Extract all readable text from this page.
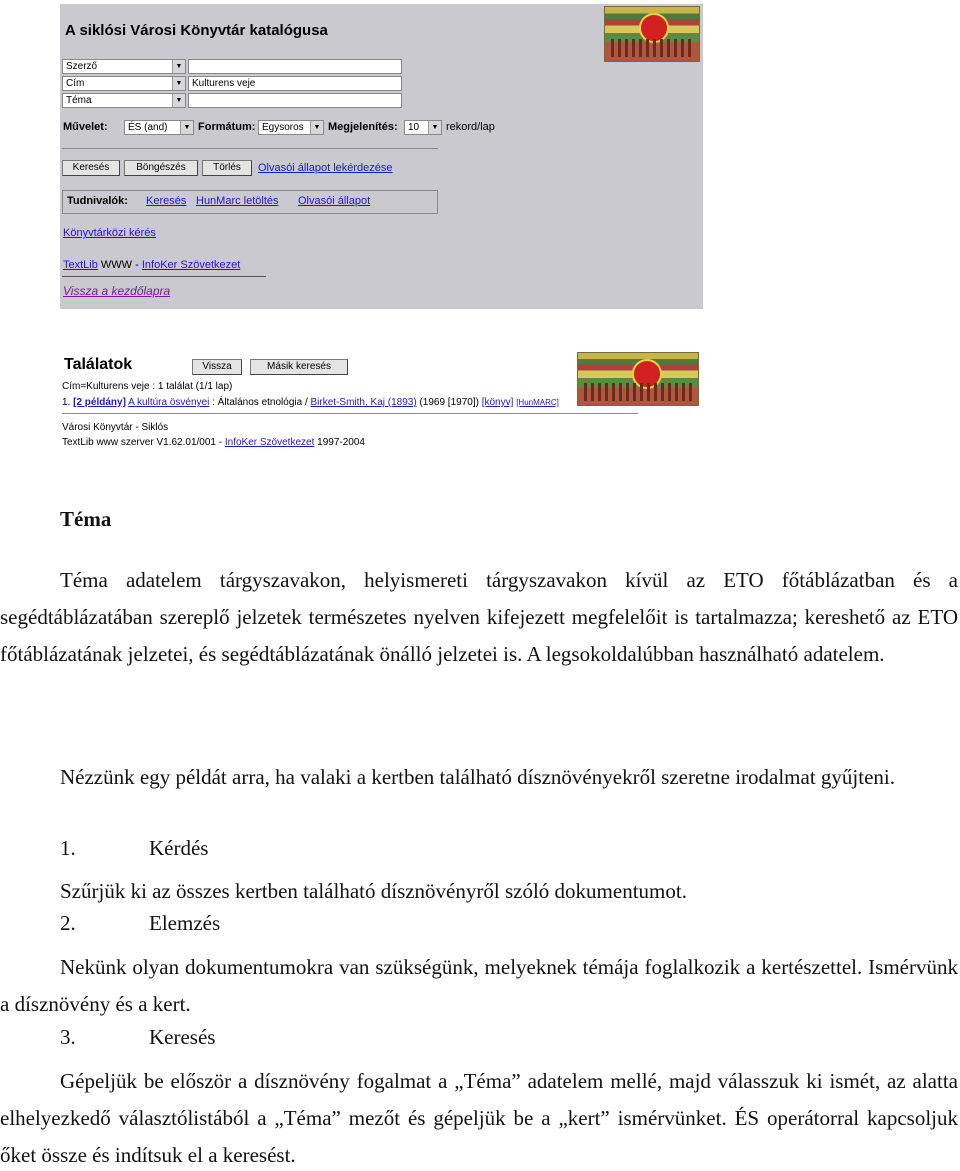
A siklósi Városi Könyvtár katalógusa
Szerző	▼
Cím	▼ Kulturens veje
Téma	▼
Művelet:	ÉS (and)	▼ Formátum: Egysoros	▼ Megjelenítés:	10	▼ rekord/lap
Keresés	Böngészés	Törlés	Olvasói állapot lekérdezése
Tudnivalók: Keresés HunMarc letöltés Olvasói állapot
Könyvtárközi kérés
TextLib WWW - InfoKer Szövetkezet
Vissza a kezdőlapra
Találatok	Vissza	Másik keresés
Cím=Kulturens veje : 1 találat (1/1 lap)
1. [2 példány] A kultúra ösvényei : Általános etnológia / Birket-Smith, Kaj (1893) (1969 [1970]) [könyv] [HunMARC]
Városi Könyvtár - Siklós
TextLib www szerver V1.62.01/001 - InfoKer Szövetkezet 1997-2004
Téma
Téma adatelem tárgyszavakon, helyismereti tárgyszavakon kívül az ETO főtáblázatban és a segédtáblázatában szereplő jelzetek természetes nyelven kifejezett megfelelőit is tartalmazza; kereshető az ETO főtáblázatának jelzetei, és segédtáblázatának önálló jelzetei is. A legsokoldalúbban használható adatelem.
Nézzünk egy példát arra, ha valaki a kertben található dísznövényekről szeretne irodalmat gyűjteni.
1.	Kérdés
Szűrjük ki az összes kertben található dísznövényről szóló dokumentumot.
2.	Elemzés
Nekünk olyan dokumentumokra van szükségünk, melyeknek témája foglalkozik a kertészettel. Ismérvünk a dísznövény és a kert.
3.	Keresés
Gépeljük be először a dísznövény fogalmat a „Téma” adatelem mellé, majd válasszuk ki ismét, az alatta elhelyezkedő választólistából a „Téma” mezőt és gépeljük be a „kert” ismérvünket. ÉS operátorral kapcsoljuk őket össze és indítsuk el a keresést.
